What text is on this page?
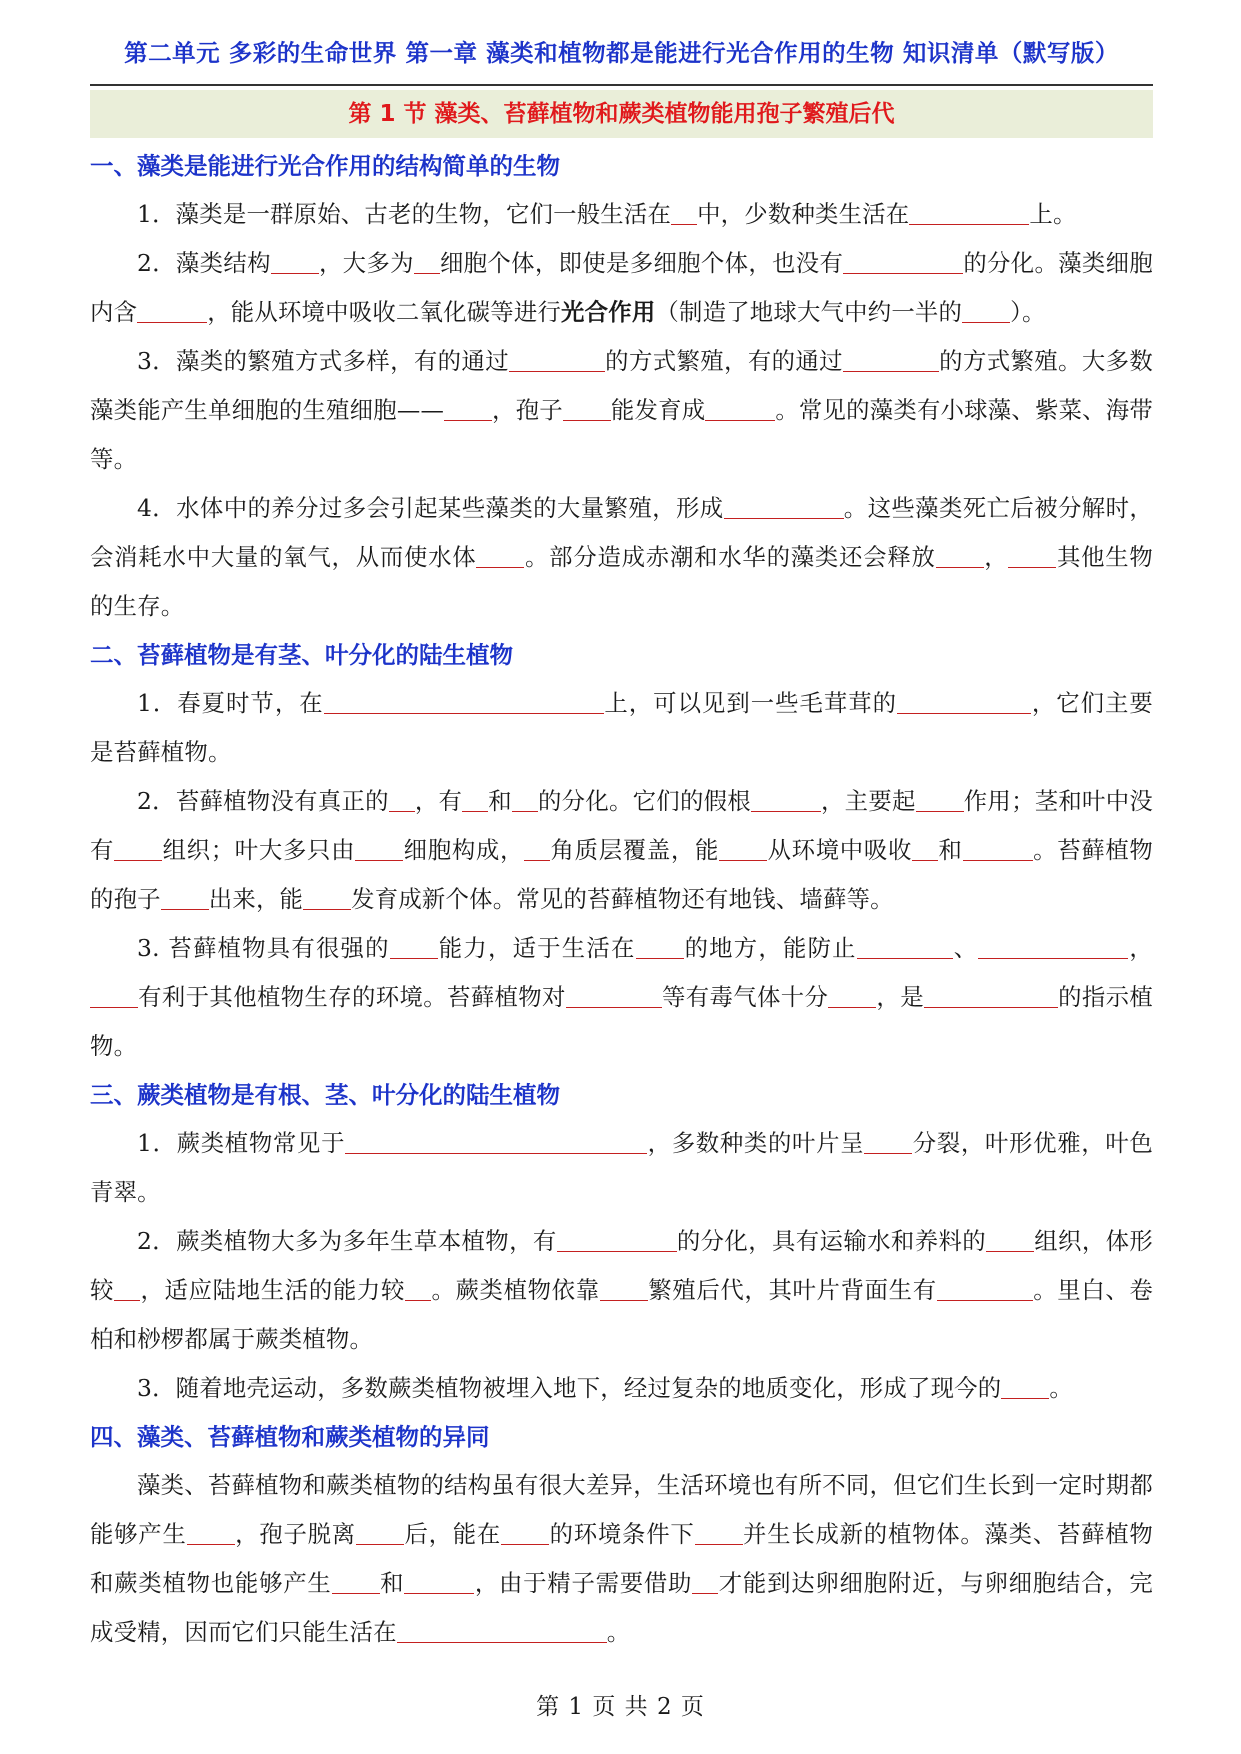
第二单元 多彩的生命世界 第一章 藻类和植物都是能进行光合作用的生物 知识清单（默写版）
第 1 节 藻类、苔藓植物和蕨类植物能用孢子繁殖后代
一、藻类是能进行光合作用的结构简单的生物

1．藻类是一群原始、古老的生物，它们一般生活在 中，少数种类生活在	上。

2．藻类结构 ，大多为 细胞个体，即使是多细胞个体，也没有	的分化。藻类细胞内含	，能从环境中吸收二氧化碳等进行光合作用（制造了地球大气中约一半的 ）。

3．藻类的繁殖方式多样，有的通过	的方式繁殖，有的通过	的方式繁殖。大多数藻类能产生单细胞的生殖细胞—— ，孢子 能发育成	。常见的藻类有小球藻、紫菜、海带等。

4．水体中的养分过多会引起某些藻类的大量繁殖，形成	。这些藻类死亡后被分解时，会消耗水中大量的氧气，从而使水体 。部分造成赤潮和水华的藻类还会释放 ， 其他生物的生存。

二、苔藓植物是有茎、叶分化的陆生植物

1．春夏时节，在	上，可以见到一些毛茸茸的	，它们主要是苔藓植物。

2．苔藓植物没有真正的 ，有 和 的分化。它们的假根	，主要起 作用；茎和叶中没有 组织；叶大多只由 细胞构成， 角质层覆盖，能 从环境中吸收 和	。苔藓植物的孢子 出来，能 发育成新个体。常见的苔藓植物还有地钱、墙藓等。

3. 苔藓植物具有很强的 能力，适于生活在 的地方，能防止	、	，有利于其他植物生存的环境。苔藓植物对	等有毒气体十分 ，是	的指示植物。

三、蕨类植物是有根、茎、叶分化的陆生植物

1．蕨类植物常见于	，多数种类的叶片呈 分裂，叶形优雅，叶色青翠。

2．蕨类植物大多为多年生草本植物，有	的分化，具有运输水和养料的 组织，体形较 ，适应陆地生活的能力较 。蕨类植物依靠 繁殖后代，其叶片背面生有	。里白、卷柏和桫椤都属于蕨类植物。

3．随着地壳运动，多数蕨类植物被埋入地下，经过复杂的地质变化，形成了现今的 。

四、藻类、苔藓植物和蕨类植物的异同

藻类、苔藓植物和蕨类植物的结构虽有很大差异，生活环境也有所不同，但它们生长到一定时期都能够产生 ，孢子脱离 后，能在 的环境条件下 并生长成新的植物体。藻类、苔藓植物和蕨类植物也能够产生 和	，由于精子需要借助 才能到达卵细胞附近，与卵细胞结合，完成受精，因而它们只能生活在	。

第 1 页 共 2 页
